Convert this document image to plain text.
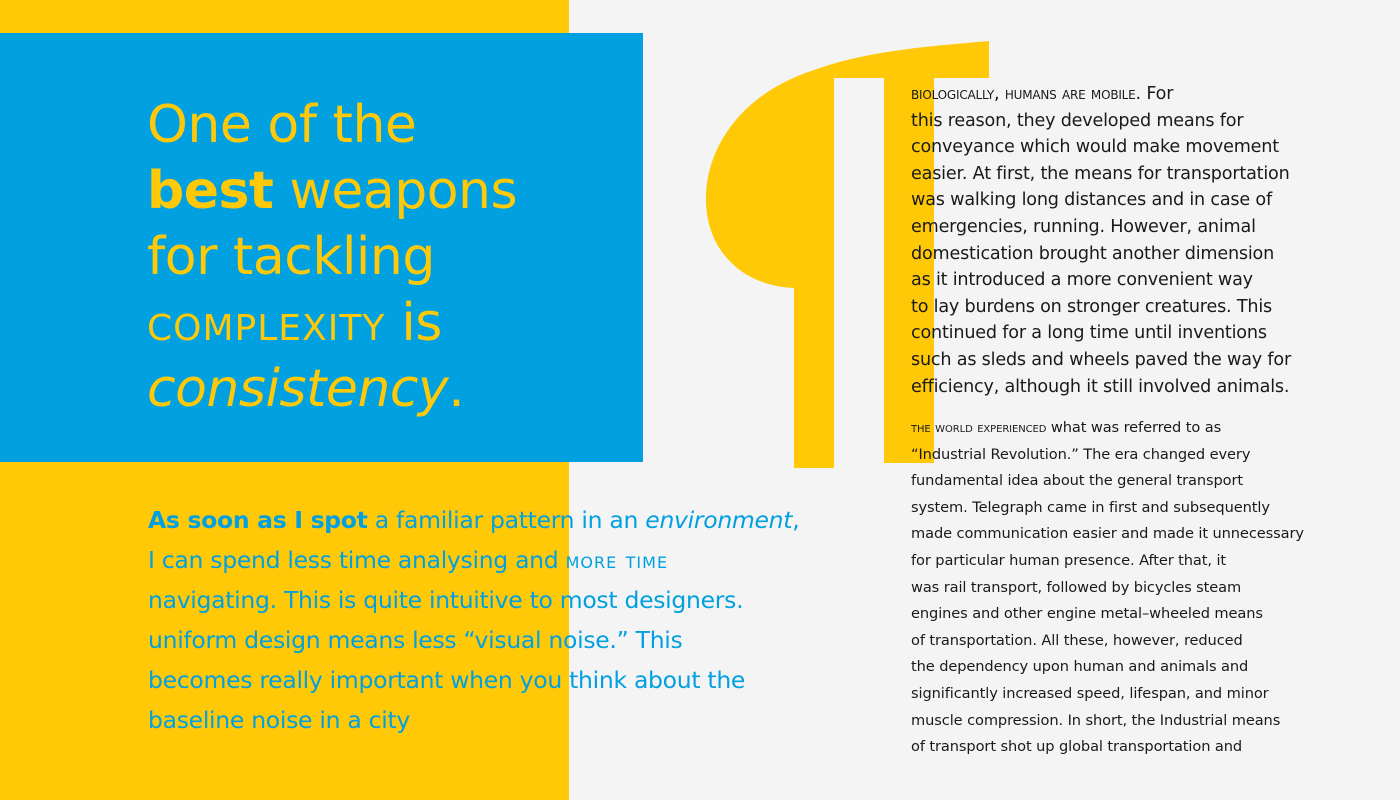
One of the
best weapons
for tackling
complexity is
consistency.
As soon as I spot a familiar pattern in an environment,
I can spend less time analysing and more time
navigating. This is quite intuitive to most designers.
uniform design means less “visual noise.” This
becomes really important when you think about the
baseline noise in a city
biologically, humans are mobile. For
this reason, they developed means for
conveyance which would make movement
easier. At first, the means for transportation
was walking long distances and in case of
emergencies, running. However, animal
domestication brought another dimension
as it introduced a more convenient way
to lay burdens on stronger creatures. This
continued for a long time until inventions
such as sleds and wheels paved the way for
efficiency, although it still involved animals.
the world experienced what was referred to as
“Industrial Revolution.” The era changed every
fundamental idea about the general transport
system. Telegraph came in first and subsequently
made communication easier and made it unnecessary
for particular human presence. After that, it
was rail transport, followed by bicycles steam
engines and other engine metal–wheeled means
of transportation. All these, however, reduced
the dependency upon human and animals and
significantly increased speed, lifespan, and minor
muscle compression. In short, the Industrial means
of transport shot up global transportation and
